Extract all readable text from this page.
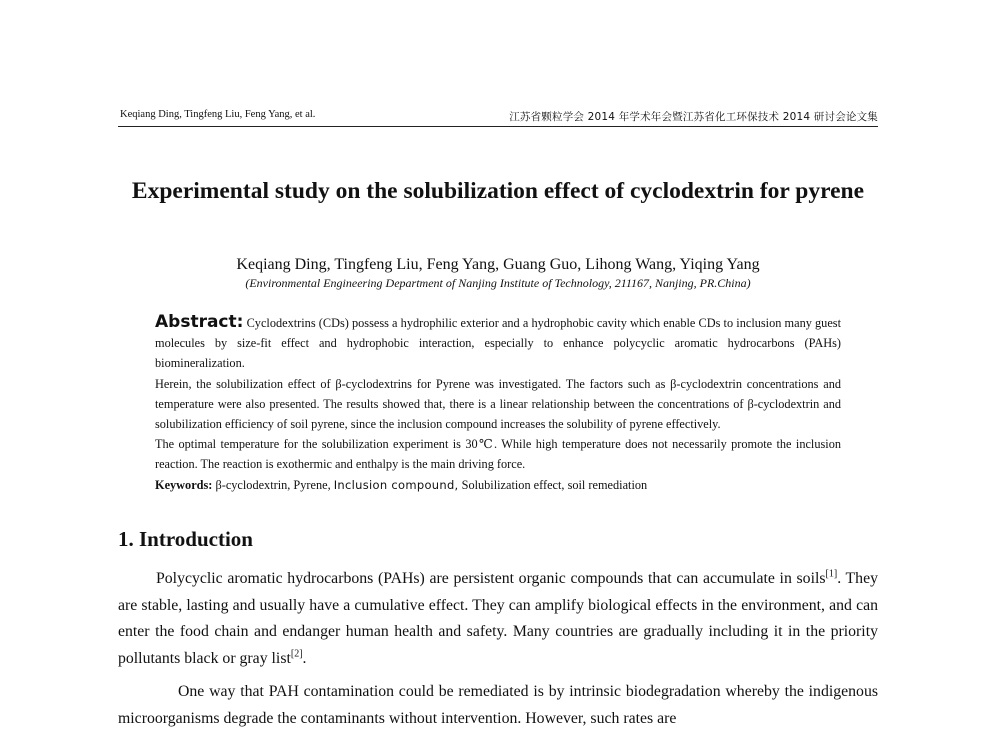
Keqiang Ding, Tingfeng Liu, Feng Yang, et al.	江苏省颗粒学会 2014 年学术年会暨江苏省化工环保技术 2014 研讨会论文集
Experimental study on the solubilization effect of cyclodextrin for pyrene
Keqiang Ding, Tingfeng Liu, Feng Yang, Guang Guo, Lihong Wang, Yiqing Yang
(Environmental Engineering Department of Nanjing Institute of Technology, 211167, Nanjing, PR.China)

Abstract: Cyclodextrins (CDs) possess a hydrophilic exterior and a hydrophobic cavity which enable CDs to inclusion many guest molecules by size-fit effect and hydrophobic interaction, especially to enhance polycyclic aromatic hydrocarbons (PAHs) biomineralization.

Herein, the solubilization effect of β-cyclodextrins for Pyrene was investigated. The factors such as β-cyclodextrin concentrations and temperature were also presented. The results showed that, there is a linear relationship between the concentrations of β-cyclodextrin and solubilization efficiency of soil pyrene, since the inclusion compound increases the solubility of pyrene effectively.

The optimal temperature for the solubilization experiment is 30℃. While high temperature does not necessarily promote the inclusion reaction. The reaction is exothermic and enthalpy is the main driving force.

Keywords: β-cyclodextrin, Pyrene, Inclusion compound, Solubilization effect, soil remediation

1. Introduction

Polycyclic aromatic hydrocarbons (PAHs) are persistent organic compounds that can accumulate in soils[1]. They are stable, lasting and usually have a cumulative effect. They can amplify biological effects in the environment, and can enter the food chain and endanger human health and safety. Many countries are gradually including it in the priority pollutants black or gray list[2].

One way that PAH contamination could be remediated is by intrinsic biodegradation whereby the indigenous microorganisms degrade the contaminants without intervention. However, such rates are
